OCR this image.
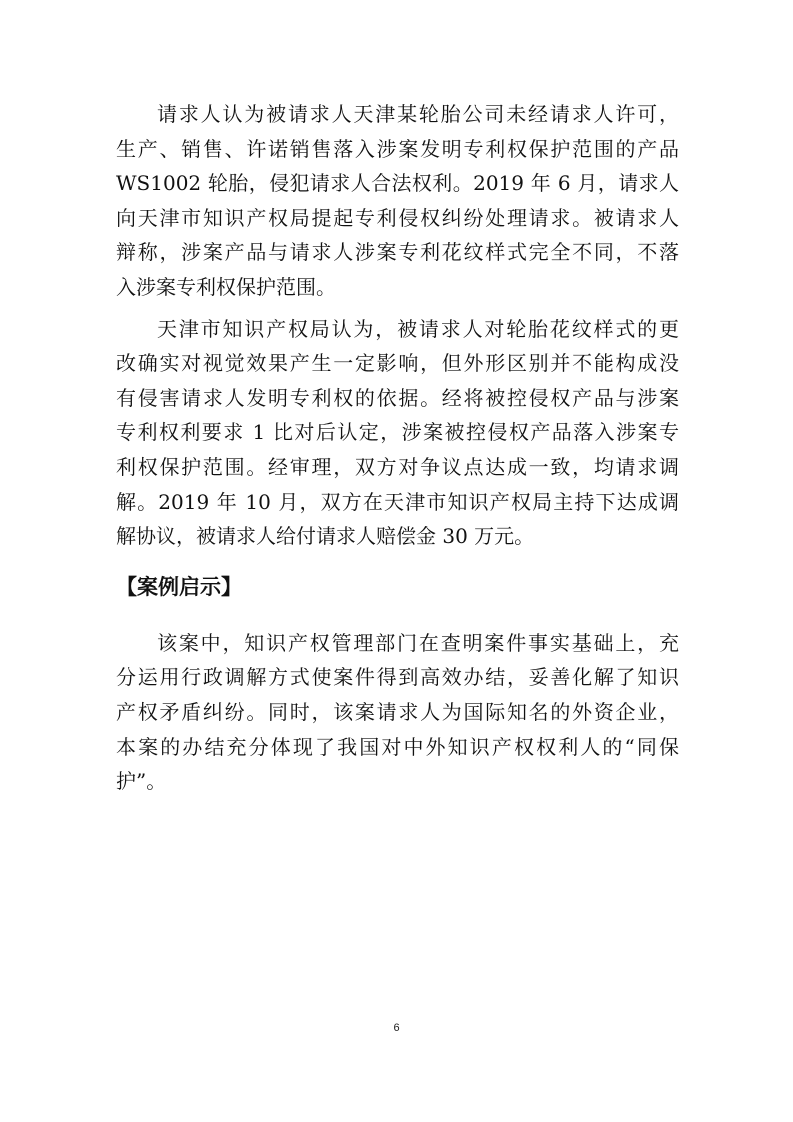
请求人认为被请求人天津某轮胎公司未经请求人许可，
生产、销售、许诺销售落入涉案发明专利权保护范围的产品
WS1002 轮胎，侵犯请求人合法权利。2019 年 6 月，请求人
向天津市知识产权局提起专利侵权纠纷处理请求。被请求人
辩称，涉案产品与请求人涉案专利花纹样式完全不同，不落
入涉案专利权保护范围。
天津市知识产权局认为，被请求人对轮胎花纹样式的更
改确实对视觉效果产生一定影响，但外形区别并不能构成没
有侵害请求人发明专利权的依据。经将被控侵权产品与涉案
专利权利要求 1 比对后认定，涉案被控侵权产品落入涉案专
利权保护范围。经审理，双方对争议点达成一致，均请求调
解。2019 年 10 月，双方在天津市知识产权局主持下达成调
解协议，被请求人给付请求人赔偿金 30 万元。
【案例启示】
该案中，知识产权管理部门在查明案件事实基础上，充
分运用行政调解方式使案件得到高效办结，妥善化解了知识
产权矛盾纠纷。同时，该案请求人为国际知名的外资企业，
本案的办结充分体现了我国对中外知识产权权利人的“同保
护”。
6
